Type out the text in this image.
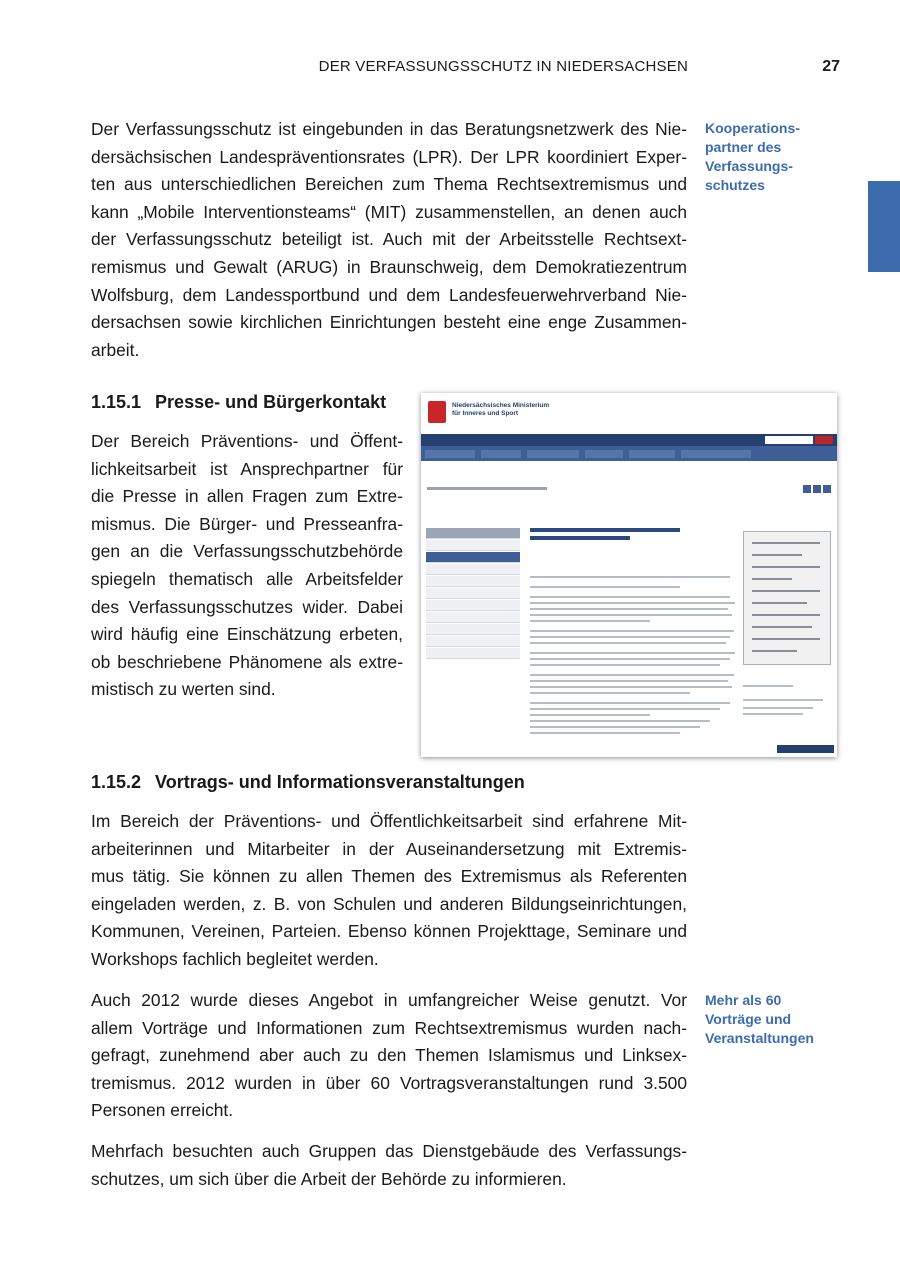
DER VERFASSUNGSSCHUTZ IN NIEDERSACHSEN	27
Der Verfassungsschutz ist eingebunden in das Beratungsnetzwerk des Nie-
dersächsischen Landespräventionsrates (LPR). Der LPR koordiniert Exper-
ten aus unterschiedlichen Bereichen zum Thema Rechtsextremismus und
kann „Mobile Interventionsteams“ (MIT) zusammenstellen, an denen auch
der Verfassungsschutz beteiligt ist. Auch mit der Arbeitsstelle Rechtsext-
remismus und Gewalt (ARUG) in Braunschweig, dem Demokratiezentrum
Wolfsburg, dem Landessportbund und dem Landesfeuerwehrverband Nie-
dersachsen sowie kirchlichen Einrichtungen besteht eine enge Zusammen-
arbeit.
Kooperations-
partner des
Verfassungs-
schutzes
1.15.1 Presse- und Bürgerkontakt
Der Bereich Präventions- und Öffent-
lichkeitsarbeit ist Ansprechpartner für
die Presse in allen Fragen zum Extre-
mismus. Die Bürger- und Presseanfra-
gen an die Verfassungsschutzbehörde
spiegeln thematisch alle Arbeitsfelder
des Verfassungsschutzes wider. Dabei
wird häufig eine Einschätzung erbeten,
ob beschriebene Phänomene als extre-
mistisch zu werten sind.
Niedersächsisches Ministerium
für Inneres und Sport
1.15.2 Vortrags- und Informationsveranstaltungen
Im Bereich der Präventions- und Öffentlichkeitsarbeit sind erfahrene Mit-
arbeiterinnen und Mitarbeiter in der Auseinandersetzung mit Extremis-
mus tätig. Sie können zu allen Themen des Extremismus als Referenten
eingeladen werden, z. B. von Schulen und anderen Bildungseinrichtungen,
Kommunen, Vereinen, Parteien. Ebenso können Projekttage, Seminare und
Workshops fachlich begleitet werden.
Auch 2012 wurde dieses Angebot in umfangreicher Weise genutzt. Vor
allem Vorträge und Informationen zum Rechtsextremismus wurden nach-
gefragt, zunehmend aber auch zu den Themen Islamismus und Linksex-
tremismus. 2012 wurden in über 60 Vortragsveranstaltungen rund 3.500
Personen erreicht.
Mehr als 60
Vorträge und
Veranstaltungen
Mehrfach besuchten auch Gruppen das Dienstgebäude des Verfassungs-
schutzes, um sich über die Arbeit der Behörde zu informieren.
